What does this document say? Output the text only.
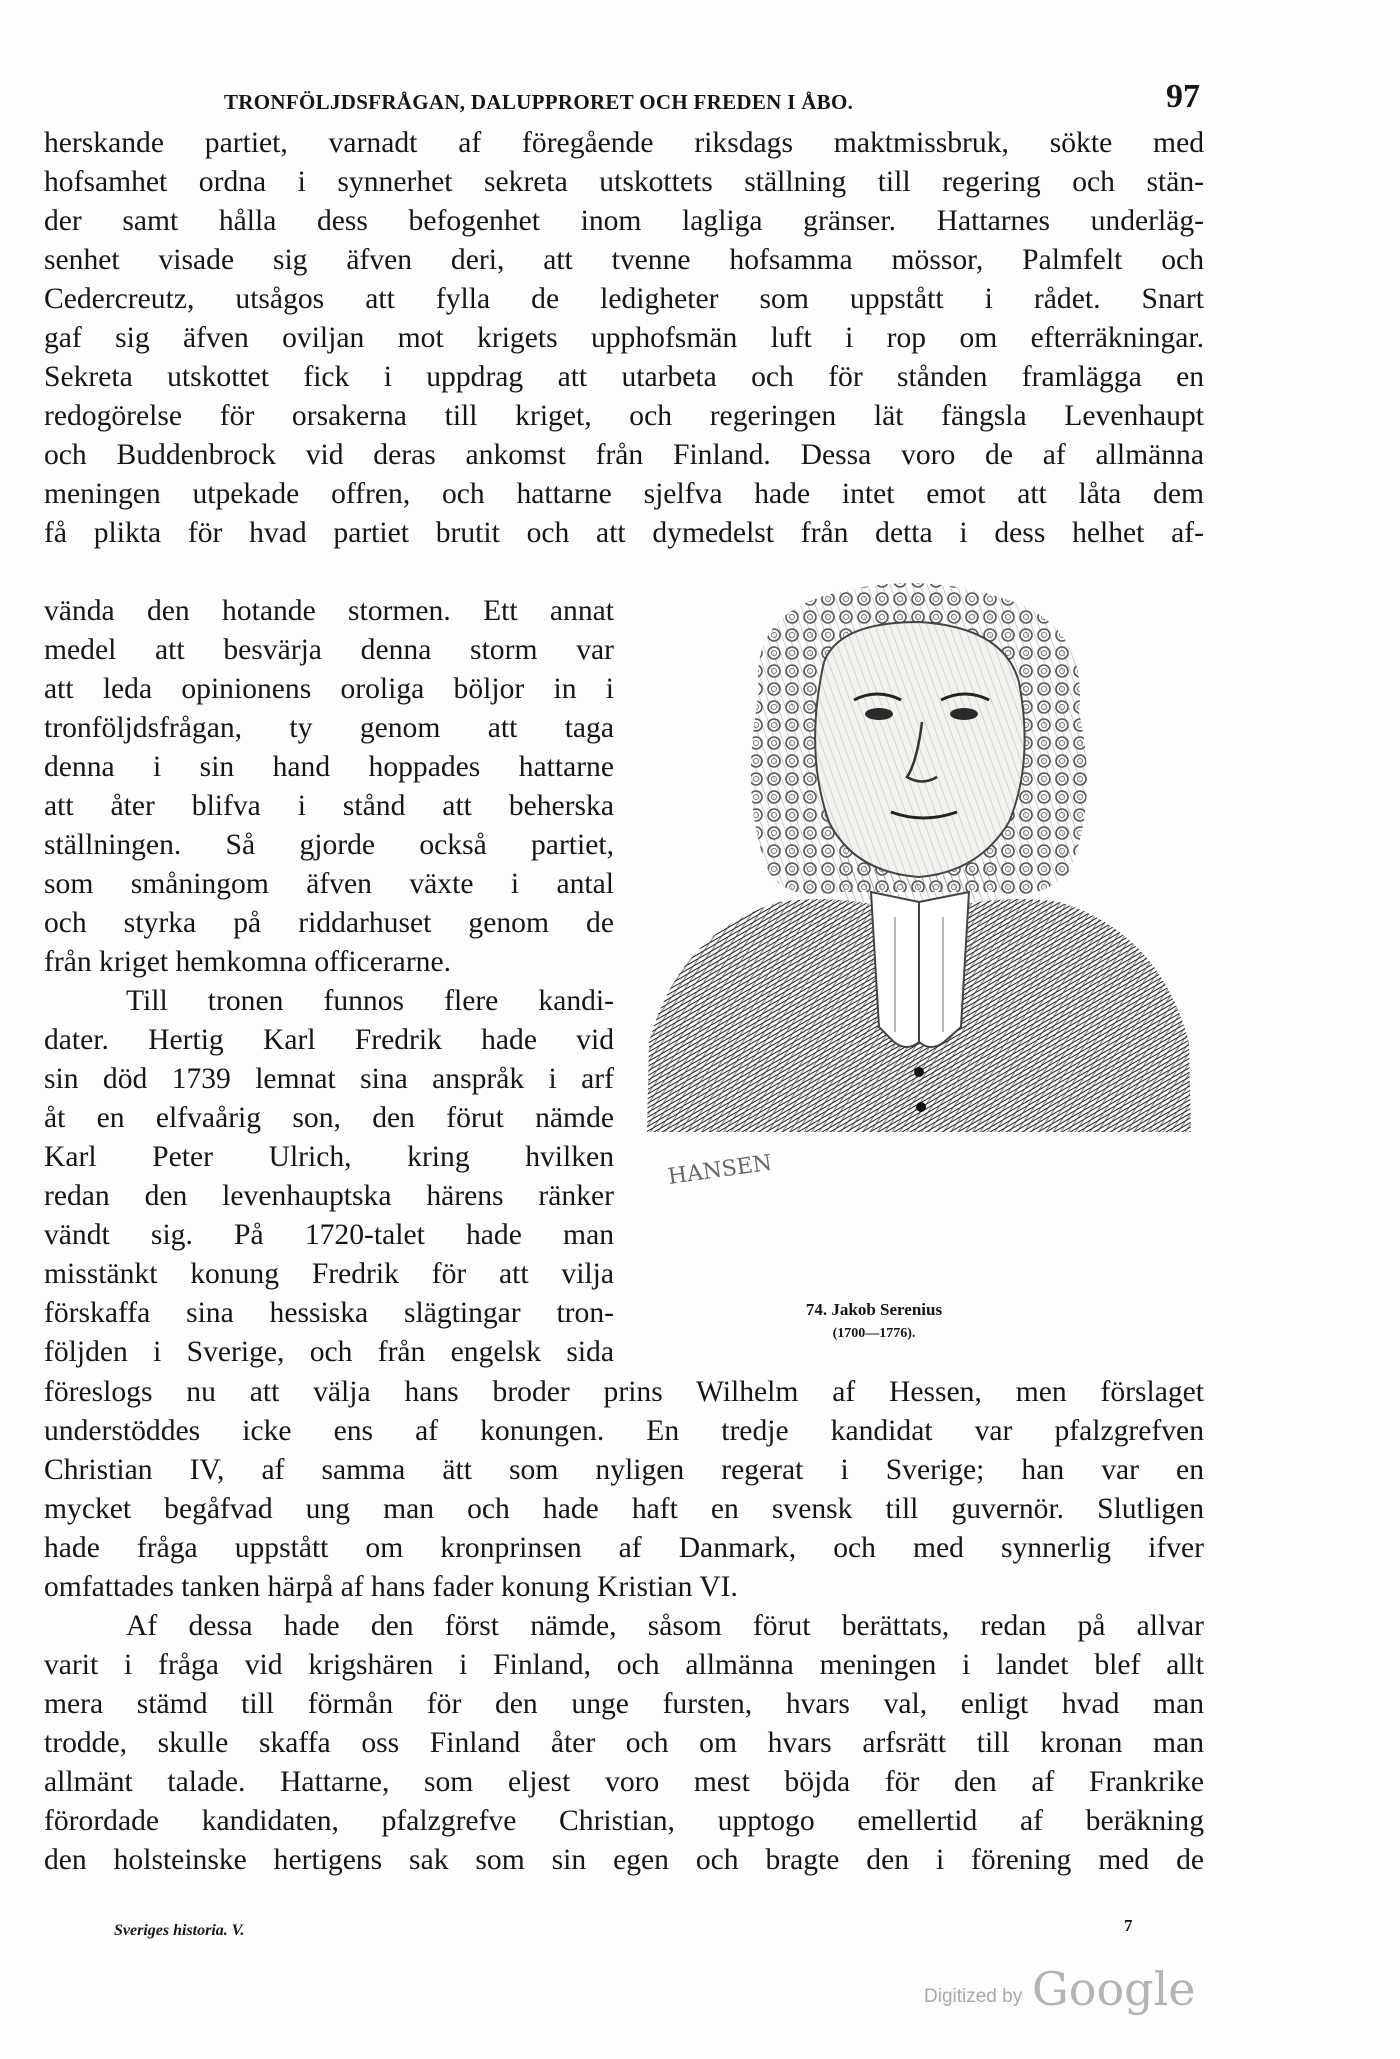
TRONFÖLJDSFRÅGAN, DALUPPRORET OCH FREDEN I ÅBO.	97
herskande partiet, varnadt af föregående riksdags maktmissbruk, sökte med
hofsamhet ordna i synnerhet sekreta utskottets ställning till regering och stän-
der samt hålla dess befogenhet inom lagliga gränser. Hattarnes underläg-
senhet visade sig äfven deri, att tvenne hofsamma mössor, Palmfelt och
Cedercreutz, utsågos att fylla de ledigheter som uppstått i rådet. Snart
gaf sig äfven oviljan mot krigets upphofsmän luft i rop om efterräkningar.
Sekreta utskottet fick i uppdrag att utarbeta och för stånden framlägga en
redogörelse för orsakerna till kriget, och regeringen lät fängsla Levenhaupt
och Buddenbrock vid deras ankomst från Finland. Dessa voro de af allmänna
meningen utpekade offren, och hattarne sjelfva hade intet emot att låta dem
få plikta för hvad partiet brutit och att dymedelst från detta i dess helhet af-
vända den hotande stormen. Ett annat
medel att besvärja denna storm var
att leda opinionens oroliga böljor in i
tronföljdsfrågan, ty genom att taga
denna i sin hand hoppades hattarne
att åter blifva i stånd att beherska
ställningen. Så gjorde också partiet,
som småningom äfven växte i antal
och styrka på riddarhuset genom de
från kriget hemkomna officerarne.
Till tronen funnos flere kandi-
dater. Hertig Karl Fredrik hade vid
sin död 1739 lemnat sina anspråk i arf
åt en elfvaårig son, den förut nämde
Karl Peter Ulrich, kring hvilken
redan den levenhauptska härens ränker
vändt sig. På 1720-talet hade man
misstänkt konung Fredrik för att vilja
förskaffa sina hessiska slägtingar tron-
följden i Sverige, och från engelsk sida
HANSEN
74. Jakob Serenius
(1700—1776).
föreslogs nu att välja hans broder prins Wilhelm af Hessen, men förslaget
understöddes icke ens af konungen. En tredje kandidat var pfalzgrefven
Christian IV, af samma ätt som nyligen regerat i Sverige; han var en
mycket begåfvad ung man och hade haft en svensk till guvernör. Slutligen
hade fråga uppstått om kronprinsen af Danmark, och med synnerlig ifver
omfattades tanken härpå af hans fader konung Kristian VI.
Af dessa hade den först nämde, såsom förut berättats, redan på allvar
varit i fråga vid krigshären i Finland, och allmänna meningen i landet blef allt
mera stämd till förmån för den unge fursten, hvars val, enligt hvad man
trodde, skulle skaffa oss Finland åter och om hvars arfsrätt till kronan man
allmänt talade. Hattarne, som eljest voro mest böjda för den af Frankrike
förordade kandidaten, pfalzgrefve Christian, upptogo emellertid af beräkning
den holsteinske hertigens sak som sin egen och bragte den i förening med de
Sveriges historia. V.	7
Digitized by Google
